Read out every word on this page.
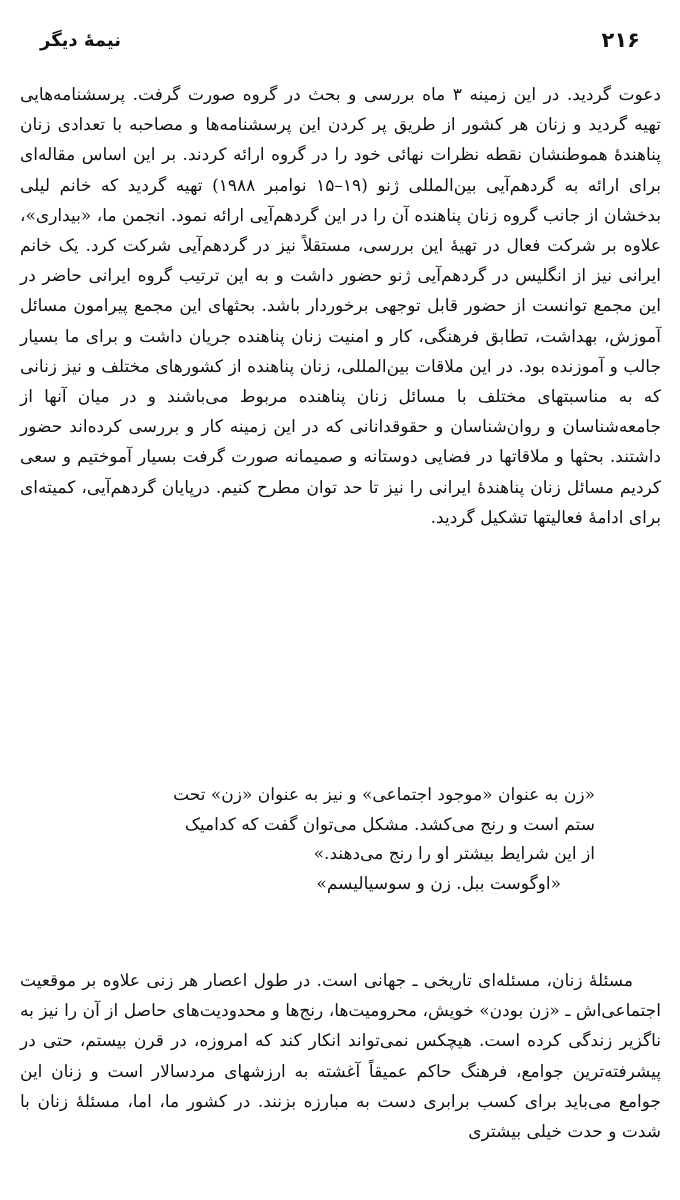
۲۱۶
نیمهٔ دیگر

دعوت گردید. در این زمینه ۳ ماه بررسی و بحث در گروه صورت گرفت. پرسشنامه‌هایی تهیه گردید و زنان هر کشور از طریق پر کردن این پرسشنامه‌ها و مصاحبه با تعدادی زنان پناهندهٔ هموطنشان نقطه نظرات نهائی خود را در گروه ارائه کردند. بر این اساس مقاله‌ای برای ارائه به گردهم‌آیی بین‌المللی ژنو (۱۹–۱۵ نوامبر ۱۹۸۸) تهیه گردید که خانم لیلی بدخشان از جانب گروه زنان پناهنده آن را در این گردهم‌آیی ارائه نمود. انجمن ما، «بیداری»، علاوه بر شرکت فعال در تهیهٔ این بررسی، مستقلاً نیز در گردهم‌آیی شرکت کرد. یک خانم ایرانی نیز از انگلیس در گردهم‌آیی ژنو حضور داشت و به این ترتیب گروه ایرانی حاضر در این مجمع توانست از حضور قابل توجهی برخوردار باشد. بحثهای این مجمع پیرامون مسائل آموزش، بهداشت، تطابق فرهنگی، کار و امنیت زنان پناهنده جریان داشت و برای ما بسیار جالب و آموزنده بود. در این ملاقات بین‌المللی، زنان پناهنده از کشورهای مختلف و نیز زنانی که به مناسبتهای مختلف با مسائل زنان پناهنده مربوط می‌باشند و در میان آنها از جامعه‌شناسان و روان‌شناسان و حقوقدانانی که در این زمینه کار و بررسی کرده‌اند حضور داشتند. بحثها و ملاقاتها در فضایی دوستانه و صمیمانه صورت گرفت بسیار آموختیم و سعی کردیم مسائل زنان پناهندهٔ ایرانی را نیز تا حد توان مطرح کنیم. درپایان گردهم‌آیی، کمیته‌ای برای ادامهٔ فعالیتها تشکیل گردید.

«زن به عنوان «موجود اجتماعی» و نیز به عنوان «زن» تحت
ستم است و رنج می‌کشد. مشکل می‌توان گفت که کدامیک
از این شرایط بیشتر او را رنج می‌دهند.»
«اوگوست ببل. زن و سوسیالیسم»

مسئلهٔ زنان، مسئله‌ای تاریخی ـ جهانی است. در طول اعصار هر زنی علاوه بر موقعیت اجتماعی‌اش ـ «زن بودن» خویش، محرومیت‌ها، رنج‌ها و محدودیت‌های حاصل از آن را نیز به ناگزیر زندگی کرده است. هیچکس نمی‌تواند انکار کند که امروزه، در قرن بیستم، حتی در پیشرفته‌ترین جوامع، فرهنگ حاکم عمیقاً آغشته به ارزشهای مردسالار است و زنان این جوامع می‌باید برای کسب برابری دست به مبارزه بزنند. در کشور ما، اما، مسئلهٔ زنان با شدت و حدت خیلی بیشتری
